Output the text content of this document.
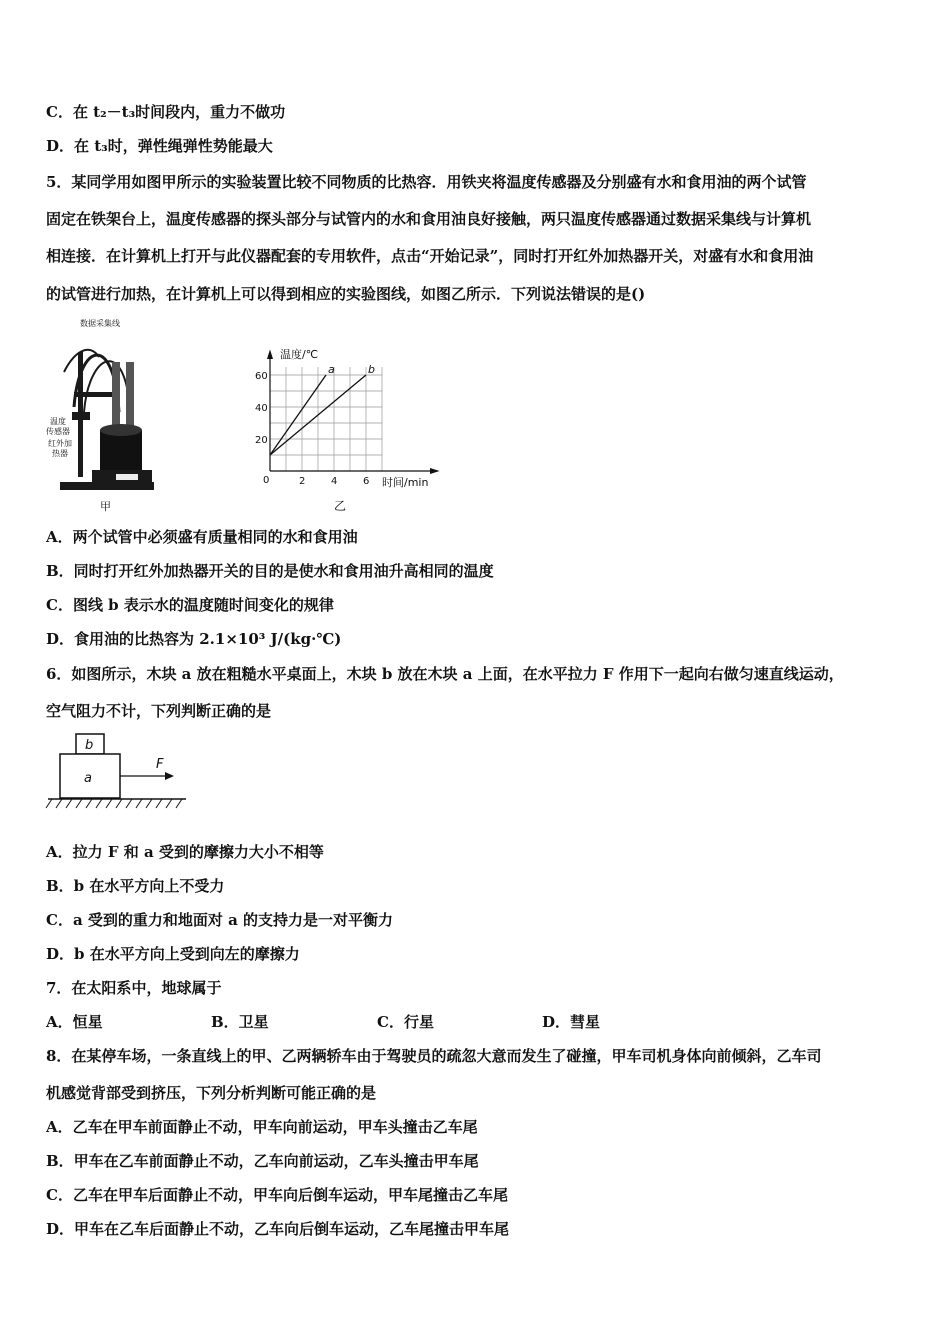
C．在 t₂－t₃时间段内，重力不做功
D．在 t₃时，弹性绳弹性势能最大
5．某同学用如图甲所示的实验装置比较不同物质的比热容．用铁夹将温度传感器及分别盛有水和食用油的两个试管
固定在铁架台上，温度传感器的探头部分与试管内的水和食用油良好接触，两只温度传感器通过数据采集线与计算机
相连接．在计算机上打开与此仪器配套的专用软件，点击“开始记录”，同时打开红外加热器开关，对盛有水和食用油
的试管进行加热，在计算机上可以得到相应的实验图线，如图乙所示．下列说法错误的是()
数据采集线
温度
传感器
红外加
热器
甲
2	4	6
20
40
60
0
a	b
温度/℃
时间/min
乙
A．两个试管中必须盛有质量相同的水和食用油
B．同时打开红外加热器开关的目的是使水和食用油升高相同的温度
C．图线 b 表示水的温度随时间变化的规律
D．食用油的比热容为 2.1×10³ J/(kg·℃)
6．如图所示，木块 a 放在粗糙水平桌面上，木块 b 放在木块 a 上面，在水平拉力 F 作用下一起向右做匀速直线运动，
空气阻力不计，下列判断正确的是
b
a
F
A．拉力 F 和 a 受到的摩擦力大小不相等
B．b 在水平方向上不受力
C．a 受到的重力和地面对 a 的支持力是一对平衡力
D．b 在水平方向上受到向左的摩擦力
7．在太阳系中，地球属于
A．恒星	B．卫星	C．行星	D．彗星
8．在某停车场，一条直线上的甲、乙两辆轿车由于驾驶员的疏忽大意而发生了碰撞，甲车司机身体向前倾斜，乙车司
机感觉背部受到挤压，下列分析判断可能正确的是
A．乙车在甲车前面静止不动，甲车向前运动，甲车头撞击乙车尾
B．甲车在乙车前面静止不动，乙车向前运动，乙车头撞击甲车尾
C．乙车在甲车后面静止不动，甲车向后倒车运动，甲车尾撞击乙车尾
D．甲车在乙车后面静止不动，乙车向后倒车运动，乙车尾撞击甲车尾
